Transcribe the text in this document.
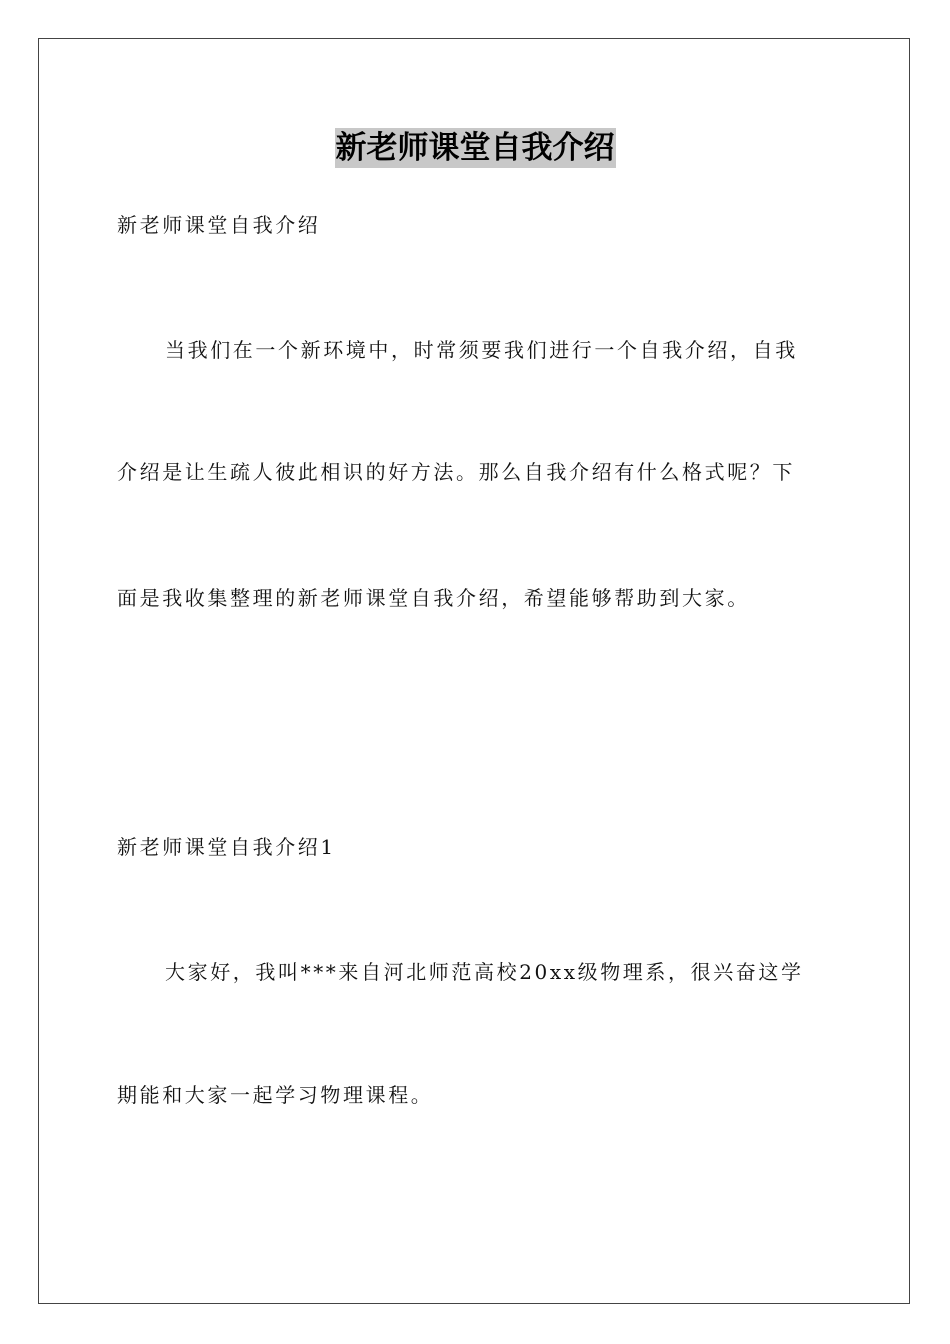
新老师课堂自我介绍
新老师课堂自我介绍
当我们在一个新环境中，时常须要我们进行一个自我介绍，自我
介绍是让生疏人彼此相识的好方法。那么自我介绍有什么格式呢？下
面是我收集整理的新老师课堂自我介绍，希望能够帮助到大家。
新老师课堂自我介绍1
大家好，我叫***来自河北师范高校20xx级物理系，很兴奋这学
期能和大家一起学习物理课程。
